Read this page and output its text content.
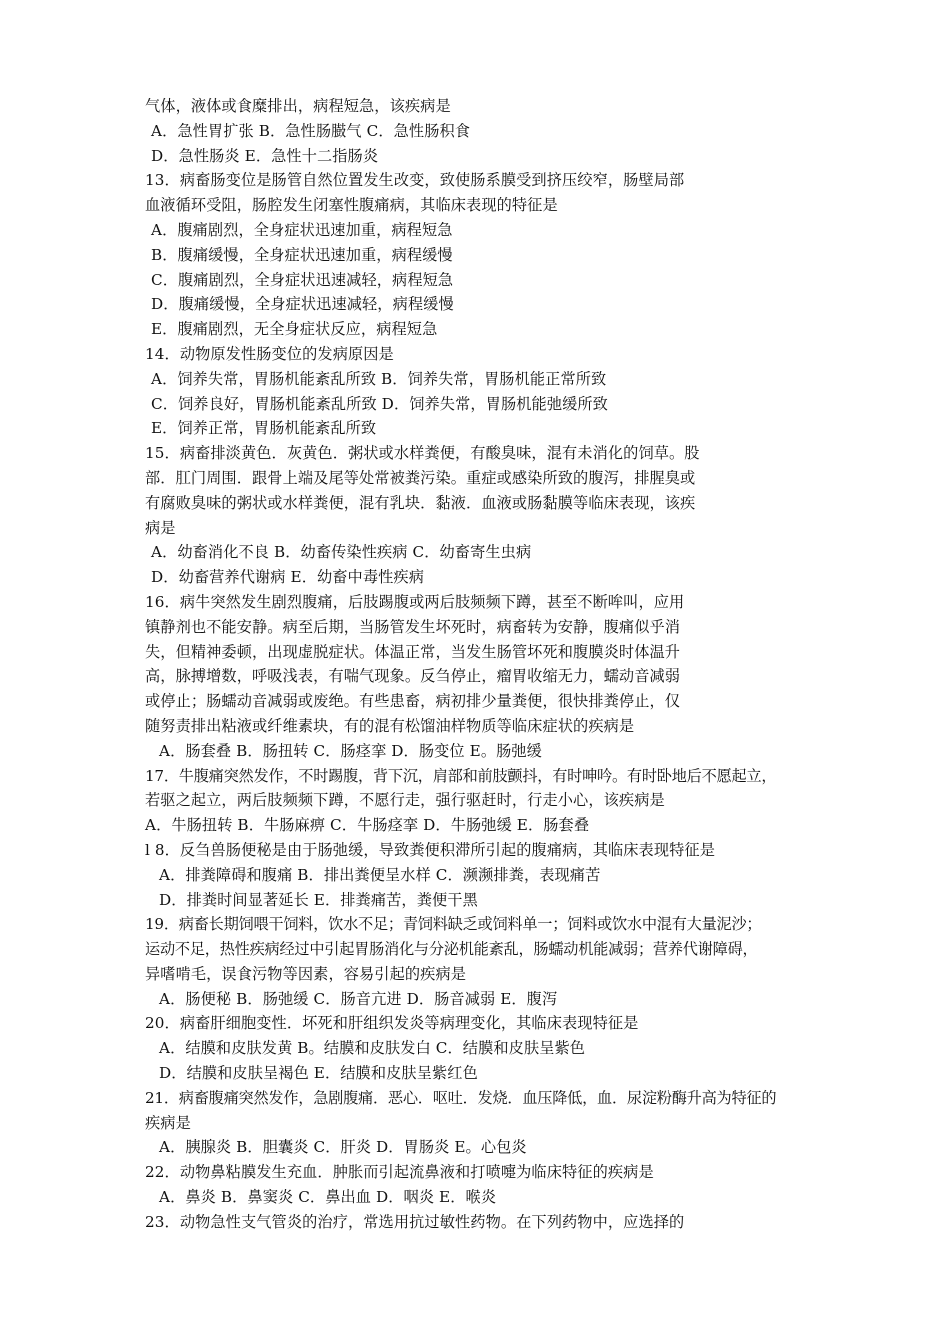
气体，液体或食糜排出，病程短急，该疾病是
A．急性胃扩张 B．急性肠臌气 C．急性肠积食
D．急性肠炎 E．急性十二指肠炎
13．病畜肠变位是肠管自然位置发生改变，致使肠系膜受到挤压绞窄，肠壁局部
血液循环受阻，肠腔发生闭塞性腹痛病，其临床表现的特征是
A．腹痛剧烈，全身症状迅速加重，病程短急
B．腹痛缓慢，全身症状迅速加重，病程缓慢
C．腹痛剧烈，全身症状迅速减轻，病程短急
D．腹痛缓慢，全身症状迅速减轻，病程缓慢
E．腹痛剧烈，无全身症状反应，病程短急
14．动物原发性肠变位的发病原因是
A．饲养失常，胃肠机能紊乱所致 B．饲养失常，胃肠机能正常所致
C．饲养良好，胃肠机能紊乱所致 D．饲养失常，胃肠机能弛缓所致
E．饲养正常，胃肠机能紊乱所致
15．病畜排淡黄色．灰黄色．粥状或水样粪便，有酸臭味，混有未消化的饲草。股
部．肛门周围．跟骨上端及尾等处常被粪污染。重症或感染所致的腹泻，排腥臭或
有腐败臭味的粥状或水样粪便，混有乳块．黏液．血液或肠黏膜等临床表现，该疾
病是
A．幼畜消化不良 B．幼畜传染性疾病 C．幼畜寄生虫病
D．幼畜营养代谢病 E．幼畜中毒性疾病
16．病牛突然发生剧烈腹痛，后肢踢腹或两后肢频频下蹲，甚至不断哞叫，应用
镇静剂也不能安静。病至后期，当肠管发生坏死时，病畜转为安静，腹痛似乎消
失，但精神委顿，出现虚脱症状。体温正常，当发生肠管坏死和腹膜炎时体温升
高，脉搏增数，呼吸浅表，有喘气现象。反刍停止，瘤胃收缩无力，蠕动音减弱
或停止；肠蠕动音减弱或废绝。有些患畜，病初排少量粪便，很快排粪停止，仅
随努责排出粘液或纤维素块，有的混有松馏油样物质等临床症状的疾病是
A．肠套叠 B．肠扭转 C．肠痉挛 D．肠变位 E。肠弛缓
17．牛腹痛突然发作，不时踢腹，背下沉，肩部和前肢颤抖，有时呻吟。有时卧地后不愿起立，
若驱之起立，两后肢频频下蹲，不愿行走，强行驱赶时，行走小心，该疾病是
A．牛肠扭转 B．牛肠麻痹 C．牛肠痉挛 D．牛肠弛缓 E．肠套叠
l 8．反刍兽肠便秘是由于肠弛缓，导致粪便积滞所引起的腹痛病，其临床表现特征是
A．排粪障碍和腹痛 B．排出粪便呈水样 C．濒濒排粪，表现痛苦
D．排粪时间显著延长 E．排粪痛苦，粪便干黑
19．病畜长期饲喂干饲料，饮水不足；青饲料缺乏或饲料单一；饲料或饮水中混有大量泥沙；
运动不足，热性疾病经过中引起胃肠消化与分泌机能紊乱，肠蠕动机能减弱；营养代谢障碍，
异嗜啃毛，误食污物等因素，容易引起的疾病是
A．肠便秘 B．肠弛缓 C．肠音亢进 D．肠音减弱 E．腹泻
20．病畜肝细胞变性．坏死和肝组织发炎等病理变化，其临床表现特征是
A．结膜和皮肤发黄 B。结膜和皮肤发白 C．结膜和皮肤呈紫色
D．结膜和皮肤呈褐色 E．结膜和皮肤呈紫红色
21．病畜腹痛突然发作，急剧腹痛．恶心．呕吐．发烧．血压降低，血．尿淀粉酶升高为特征的
疾病是
A．胰腺炎 B．胆囊炎 C．肝炎 D．胃肠炎 E。心包炎
22．动物鼻粘膜发生充血．肿胀而引起流鼻液和打喷嚏为临床特征的疾病是
A．鼻炎 B．鼻窦炎 C．鼻出血 D．咽炎 E．喉炎
23．动物急性支气管炎的治疗，常选用抗过敏性药物。在下列药物中，应选择的
